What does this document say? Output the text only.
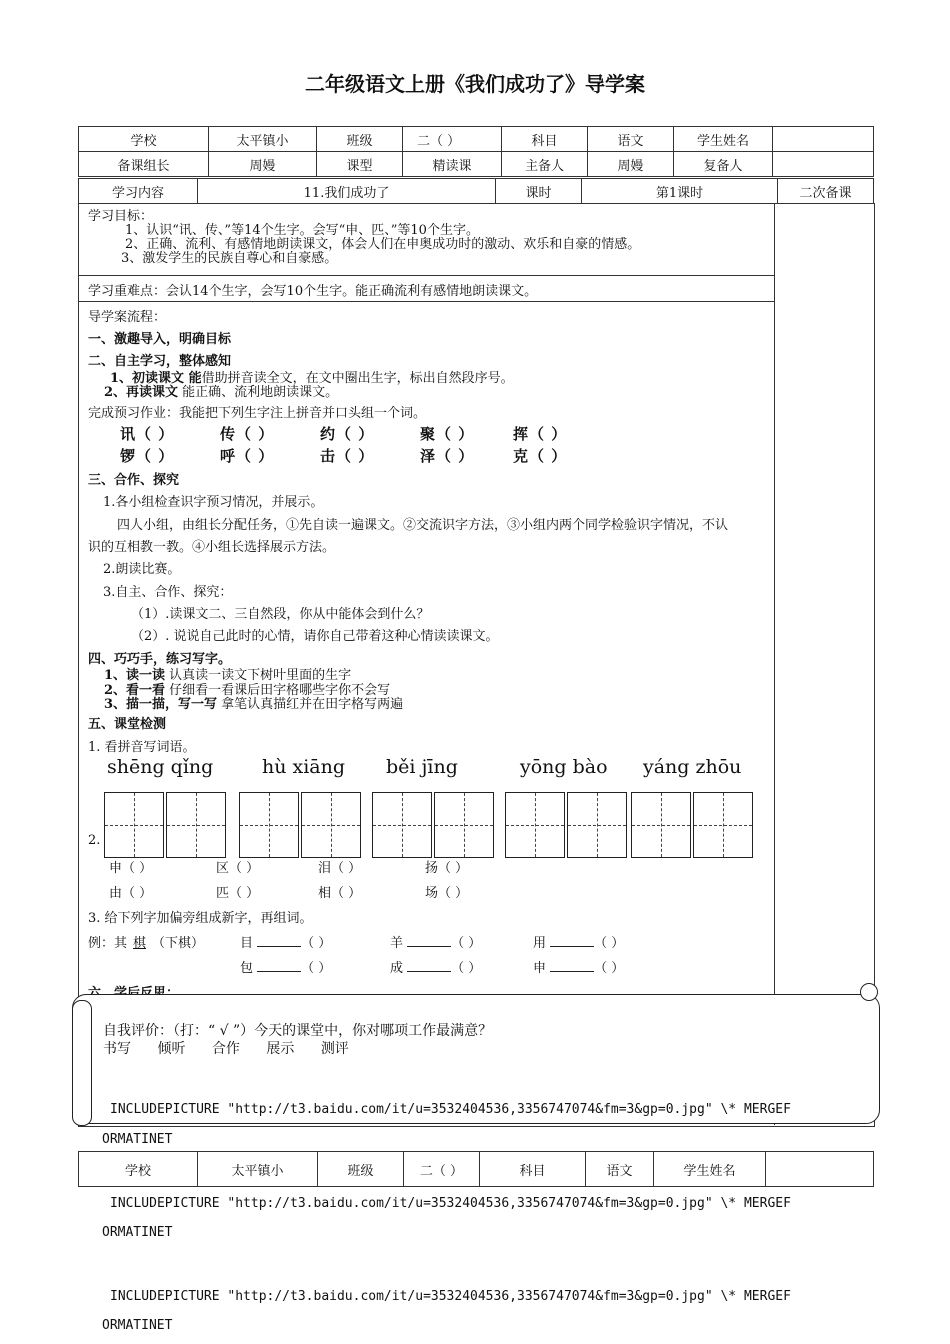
二年级语文上册《我们成功了》导学案
学校	太平镇小	班级	二（ ）	科目	语文	学生姓名	
备课组长	周嫚	课型	精读课	主备人	周嫚	复备人	
学习内容	11.我们成功了	课时	第1课时	二次备课
学习目标：
1、认识“讯、传、”等14个生字。会写“申、匹、”等10个生字。
2、正确、流利、有感情地朗读课文，体会人们在申奥成功时的激动、欢乐和自豪的情感。
3、激发学生的民族自尊心和自豪感。
学习重难点：会认14个生字，会写10个生字。能正确流利有感情地朗读课文。
导学案流程：
一、激趣导入，明确目标
二、自主学习，整体感知
1、初读课文 能借助拼音读全文，在文中圈出生字，标出自然段序号。
2、再读课文 能正确、流利地朗读课文。
完成预习作业：我能把下列生字注上拼音并口头组一个词。
讯（ ）	传（ ）	约（ ）	聚（ ）	挥（ ）
锣（ ）	呼（ ）	击（ ）	泽（ ）	克（ ）
三、合作、探究
1.各小组检查识字预习情况，并展示。
四人小组，由组长分配任务，①先自读一遍课文。②交流识字方法，③小组内两个同学检验识字情况，不认
识的互相教一教。④小组长选择展示方法。
2.朗读比赛。
3.自主、合作、探究：
（1）.读课文二、三自然段，你从中能体会到什么？
（2）. 说说自己此时的心情，请你自己带着这种心情读读课文。
四、巧巧手，练习写字。
1、读一读 认真读一读文下树叶里面的生字
2、看一看 仔细看一看课后田字格哪些字你不会写
3、描一描，写一写 拿笔认真描红并在田字格写两遍
五、课堂检测
1. 看拼音写词语。
shēng qǐng	hù xiāng běi jīng	yōng bào yáng zhōu
2.
申（ ）	区（ ）	泪（ ）	扬（ ）
由（ ）	匹（ ）	相（ ）	场（ ）
3. 给下列字加偏旁组成新字，再组词。
例：其 棋 （下棋）	目	（ ）	羊	（ ）	用	（ ）
包	（ ）	成	（ ）	申	（ ）
自我评价：（打：“ √ ”）今天的课堂中，你对哪项工作最满意？
书写 倾听 合作 展示 测评
INCLUDEPICTURE "http://t3.baidu.com/it/u=3532404536,3356747074&fm=3&gp=0.jpg" \* MERGEF
ORMATINET
学校	太平镇小	班级	二（ ）	科目	语文	学生姓名	
INCLUDEPICTURE "http://t3.baidu.com/it/u=3532404536,3356747074&fm=3&gp=0.jpg" \* MERGEF
ORMATINET
INCLUDEPICTURE "http://t3.baidu.com/it/u=3532404536,3356747074&fm=3&gp=0.jpg" \* MERGEF
ORMATINET
